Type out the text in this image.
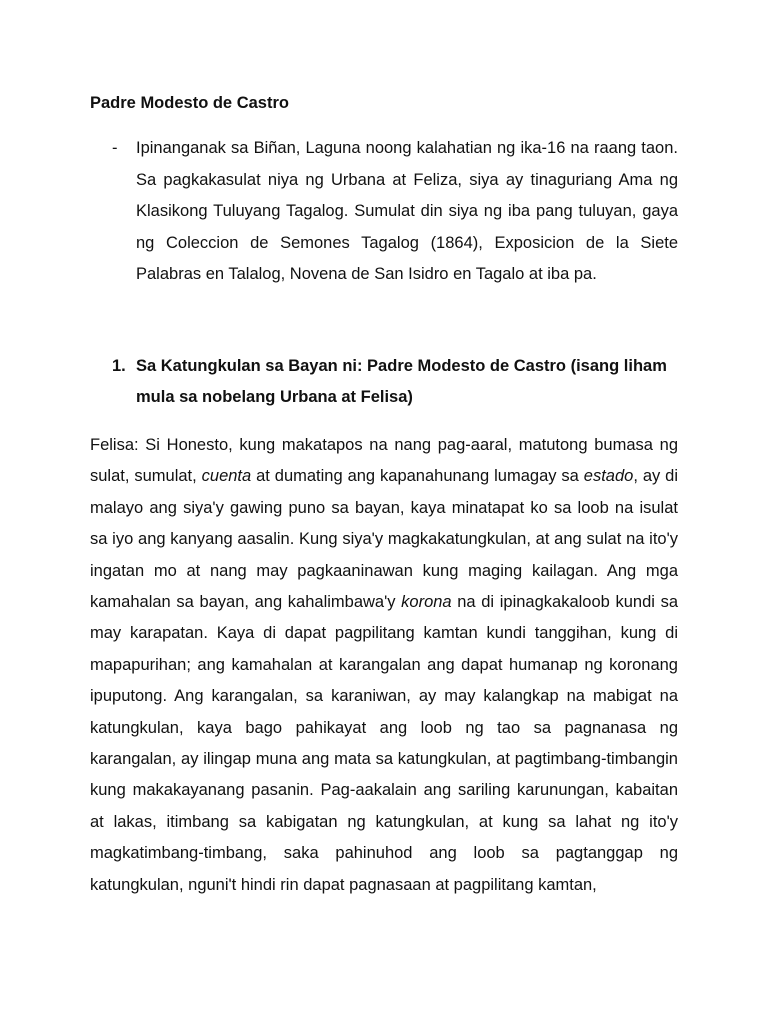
Padre Modesto de Castro
- Ipinanganak sa Biñan, Laguna noong kalahatian ng ika-16 na raang taon. Sa pagkakasulat niya ng Urbana at Feliza, siya ay tinaguriang Ama ng Klasikong Tuluyang Tagalog. Sumulat din siya ng iba pang tuluyan, gaya ng Coleccion de Semones Tagalog (1864), Exposicion de la Siete Palabras en Talalog, Novena de San Isidro en Tagalo at iba pa.
1. Sa Katungkulan sa Bayan ni: Padre Modesto de Castro (isang liham mula sa nobelang Urbana at Felisa)
Felisa: Si Honesto, kung makatapos na nang pag-aaral, matutong bumasa ng sulat, sumulat, cuenta at dumating ang kapanahunang lumagay sa estado, ay di malayo ang siya'y gawing puno sa bayan, kaya minatapat ko sa loob na isulat sa iyo ang kanyang aasalin. Kung siya'y magkakatungkulan, at ang sulat na ito'y ingatan mo at nang may pagkaaninawan kung maging kailagan. Ang mga kamahalan sa bayan, ang kahalimbawa'y korona na di ipinagkakaloob kundi sa may karapatan. Kaya di dapat pagpilitang kamtan kundi tanggihan, kung di mapapurihan; ang kamahalan at karangalan ang dapat humanap ng koronang ipuputong. Ang karangalan, sa karaniwan, ay may kalangkap na mabigat na katungkulan, kaya bago pahikayat ang loob ng tao sa pagnanasa ng karangalan, ay ilingap muna ang mata sa katungkulan, at pagtimbang-timbangin kung makakayanang pasanin. Pag-aakalain ang sariling karunungan, kabaitan at lakas, itimbang sa kabigatan ng katungkulan, at kung sa lahat ng ito'y magkatimbang-timbang, saka pahinuhod ang loob sa pagtanggap ng katungkulan, nguni't hindi rin dapat pagnasaan at pagpilitang kamtan,
